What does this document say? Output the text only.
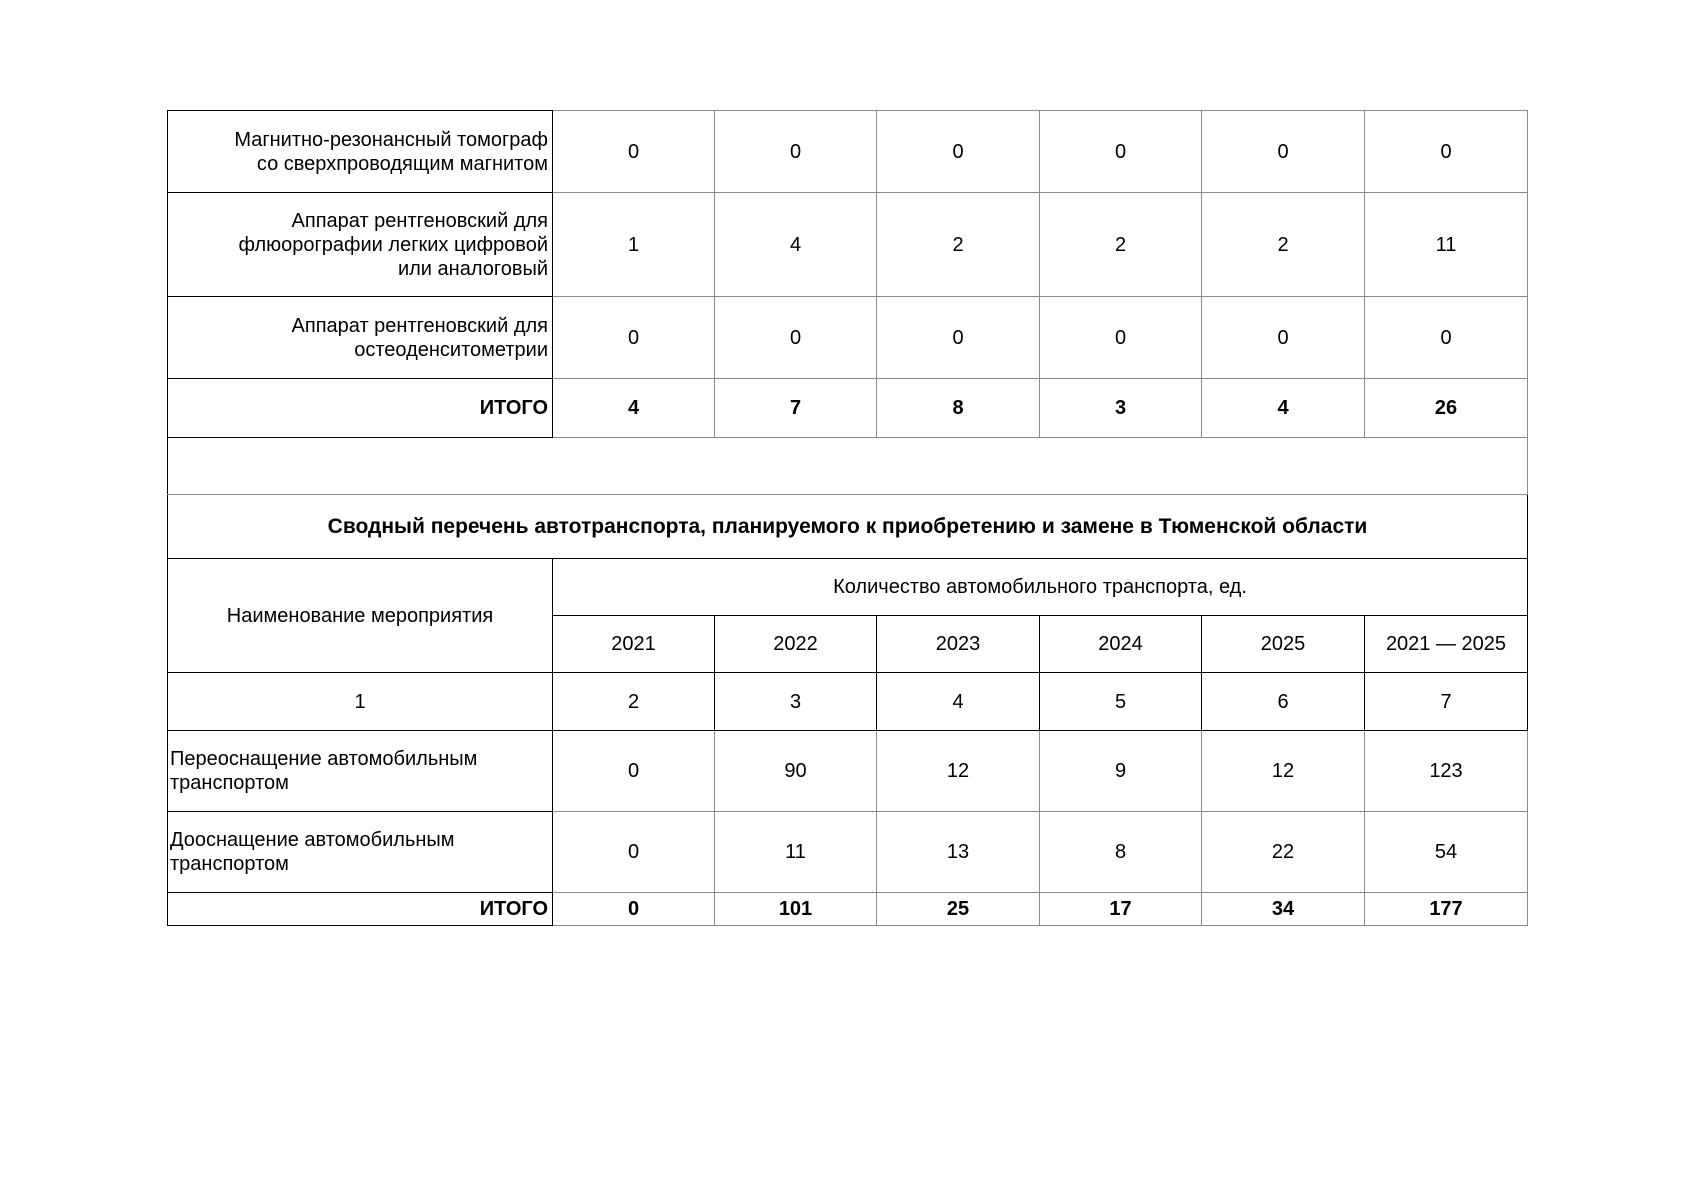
Магнитно-резонансный томограф
со сверхпроводящим магнитом	0	0	0	0	0	0

Аппарат рентгеновский для
флюорографии легких цифровой
или аналоговый	1	4	2	2	2	11

Аппарат рентгеновский для
остеоденситометрии	0	0	0	0	0	0
ИТОГО	4	7	8	3	4	26

Сводный перечень автотранспорта, планируемого к приобретению и замене в Тюменской области						
Наименование мероприятия	Количество автомобильного транспорта, ед.					
	2021	2022	2023	2024	2025	2021 — 2025
1	2	3	4	5	6	7

Переоснащение автомобильным
транспортом	0	90	12	9	12	123

Дооснащение автомобильным
транспортом	0	11	13	8	22	54
ИТОГО	0	101	25	17	34	177
